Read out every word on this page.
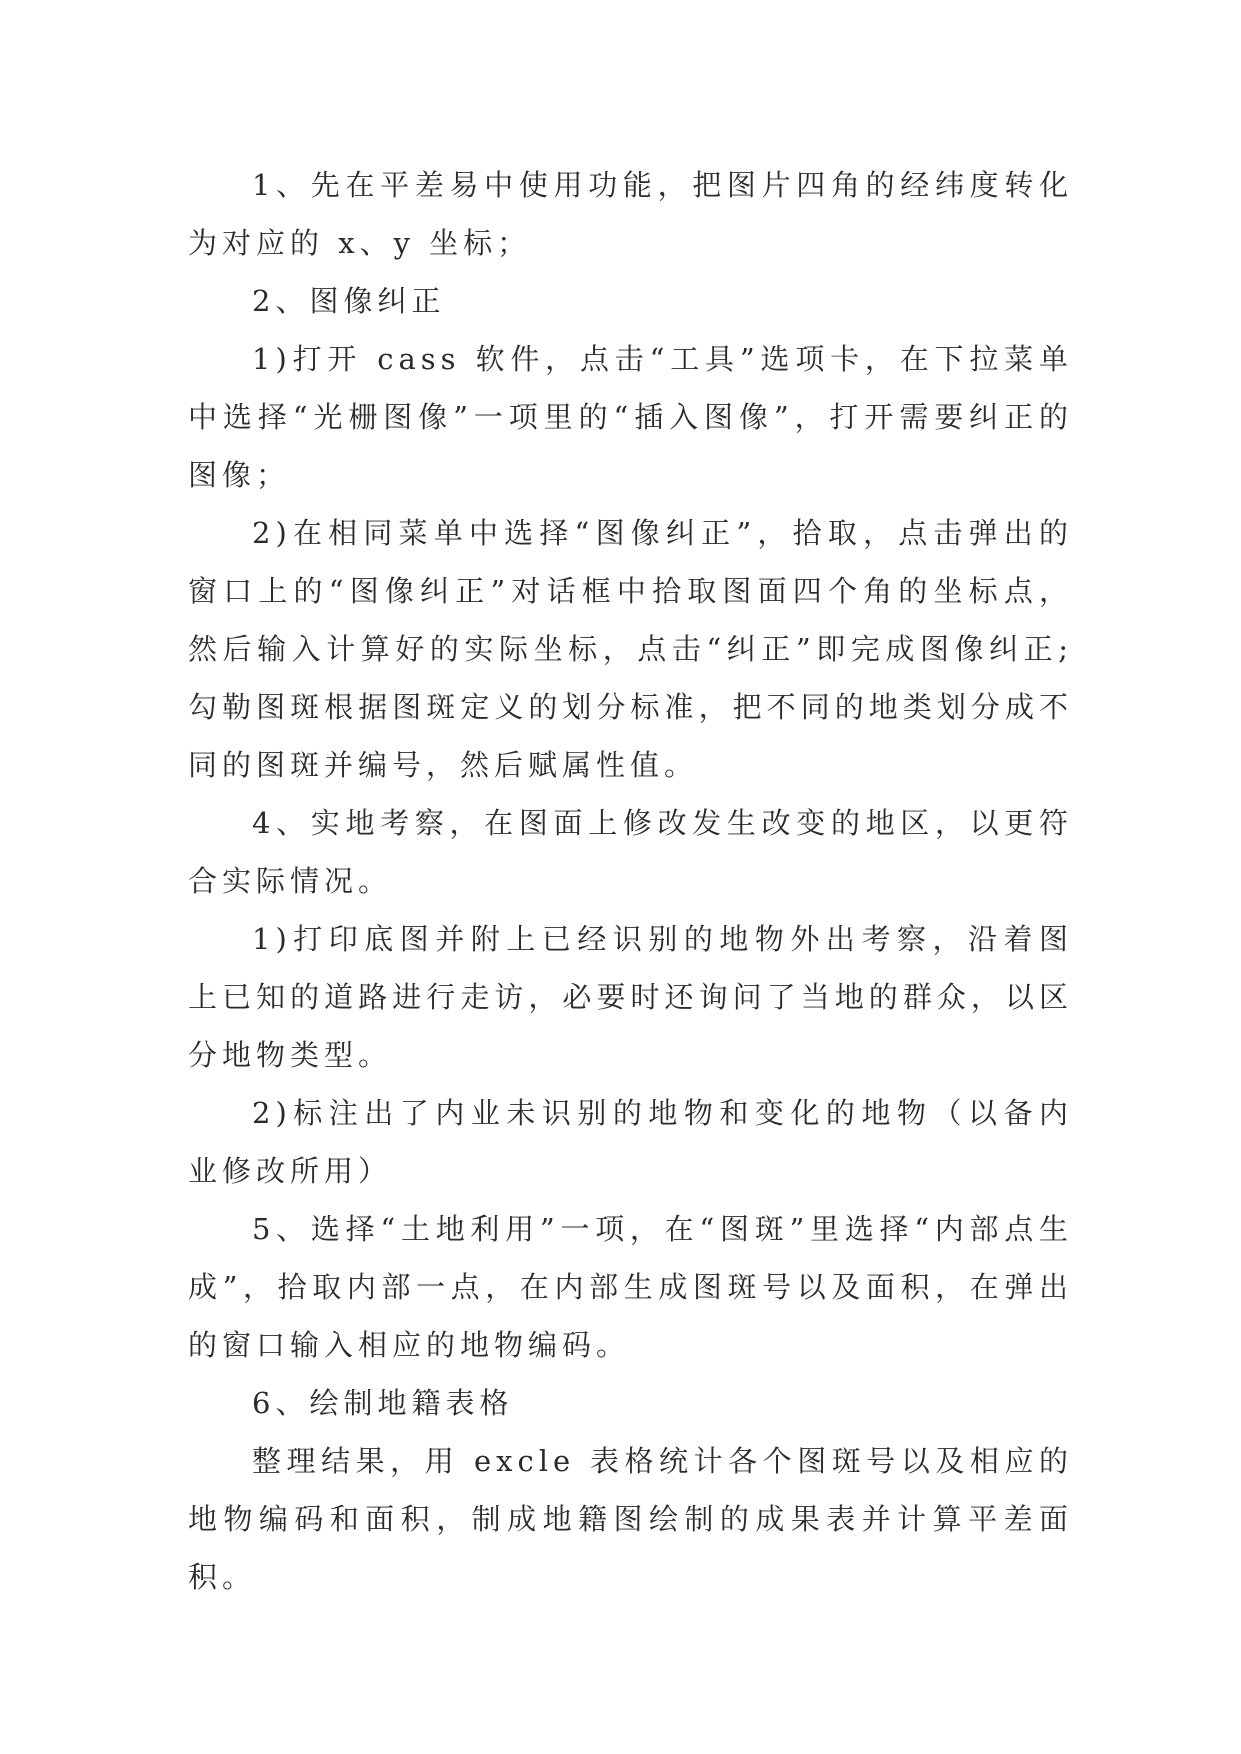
1、先在平差易中使用功能，把图片四角的经纬度转化为对应的 x、y 坐标；

2、图像纠正

1)打开 cass 软件，点击“工具”选项卡，在下拉菜单中选择“光栅图像”一项里的“插入图像”，打开需要纠正的图像；

2)在相同菜单中选择“图像纠正”，拾取，点击弹出的窗口上的“图像纠正”对话框中拾取图面四个角的坐标点，然后输入计算好的实际坐标，点击“纠正”即完成图像纠正;勾勒图斑根据图斑定义的划分标准，把不同的地类划分成不同的图斑并编号，然后赋属性值。

4、实地考察，在图面上修改发生改变的地区，以更符合实际情况。

1)打印底图并附上已经识别的地物外出考察，沿着图上已知的道路进行走访，必要时还询问了当地的群众，以区分地物类型。

2)标注出了内业未识别的地物和变化的地物（以备内业修改所用）

5、选择“土地利用”一项，在“图斑”里选择“内部点生成”，拾取内部一点，在内部生成图斑号以及面积，在弹出的窗口输入相应的地物编码。

6、绘制地籍表格

整理结果，用 excle 表格统计各个图斑号以及相应的地物编码和面积，制成地籍图绘制的成果表并计算平差面积。
